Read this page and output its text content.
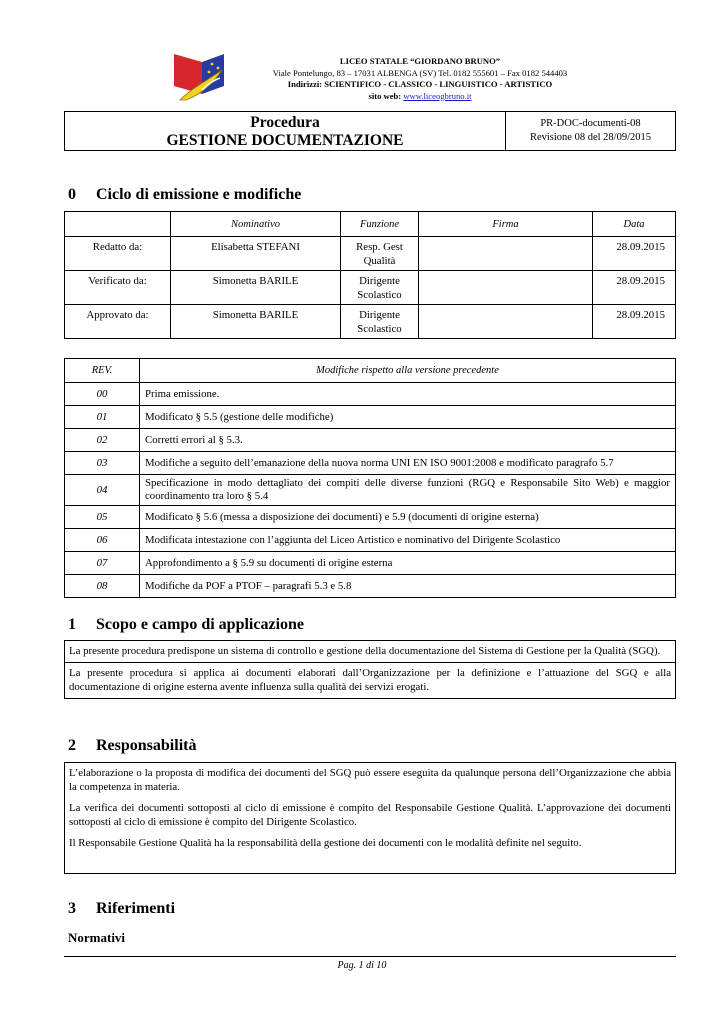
LICEO STATALE “GIORDANO BRUNO”
Viale Pontelungo, 83 – 17031 ALBENGA (SV) Tel. 0182 555601 – Fax 0182 544403
Indirizzi: SCIENTIFICO - CLASSICO - LINGUISTICO - ARTISTICO
sito web: www.liceogbruno.it
Procedura
GESTIONE DOCUMENTAZIONE
PR-DOC-documenti-08
Revisione 08 del 28/09/2015
0 Ciclo di emissione e modifiche
	Nominativo	Funzione	Firma	Data
Redatto da:	Elisabetta STEFANI	Resp. Gest Qualità		28.09.2015
Verificato da:	Simonetta BARILE	Dirigente Scolastico		28.09.2015
Approvato da:	Simonetta BARILE	Dirigente Scolastico		28.09.2015
REV.	Modifiche rispetto alla versione precedente
00	Prima emissione.
01	Modificato § 5.5 (gestione delle modifiche)
02	Corretti errori al § 5.3.
03	Modifiche a seguito dell’emanazione della nuova norma UNI EN ISO 9001:2008 e modificato paragrafo 5.7
04	Specificazione in modo dettagliato dei compiti delle diverse funzioni (RGQ e Responsabile Sito Web) e maggior coordinamento tra loro § 5.4
05	Modificato § 5.6 (messa a disposizione dei documenti) e 5.9 (documenti di origine esterna)
06	Modificata intestazione con l’aggiunta del Liceo Artistico e nominativo del Dirigente Scolastico
07	Approfondimento a § 5.9 su documenti di origine esterna
08	Modifiche da POF a PTOF – paragrafi 5.3 e 5.8
1 Scopo e campo di applicazione

La presente procedura predispone un sistema di controllo e gestione della documentazione del Sistema di Gestione per la Qualità (SGQ).

La presente procedura si applica ai documenti elaborati dall’Organizzazione per la definizione e l’attuazione del SGQ e alla documentazione di origine esterna avente influenza sulla qualità dei servizi erogati.

2 Responsabilità

L’elaborazione o la proposta di modifica dei documenti del SGQ può essere eseguita da qualunque persona dell’Organizzazione che abbia la competenza in materia.

La verifica dei documenti sottoposti al ciclo di emissione è compito del Responsabile Gestione Qualità. L’approvazione dei documenti sottoposti al ciclo di emissione è compito del Dirigente Scolastico.

Il Responsabile Gestione Qualità ha la responsabilità della gestione dei documenti con le modalità definite nel seguito.

3 Riferimenti
Normativi
Pag. 1 di 10
